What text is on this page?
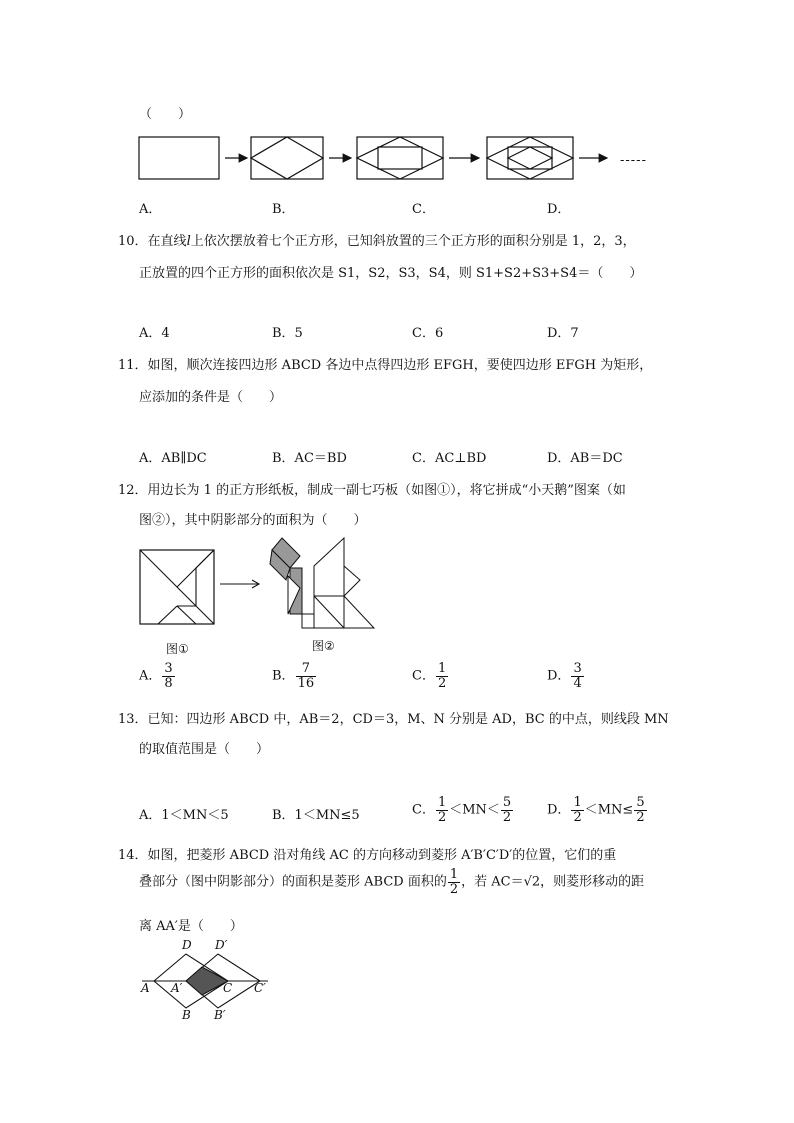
（　　）
-----
A．	B．	C．	D．
10．在直线l上依次摆放着七个正方形，已知斜放置的三个正方形的面积分别是 1，2，3，
正放置的四个正方形的面积依次是 S1，S2，S3，S4，则 S1+S2+S3+S4＝（　　）
A．4	B．5	C．6	D．7
11．如图，顺次连接四边形 ABCD 各边中点得四边形 EFGH，要使四边形 EFGH 为矩形，
应添加的条件是（　　）
A．AB∥DC	B．AC＝BD	C．AC⊥BD	D．AB＝DC
12．用边长为 1 的正方形纸板，制成一副七巧板（如图①），将它拼成“小天鹅”图案（如
图②），其中阴影部分的面积为（　　）
图①	图②
A． $\frac{3}{8}$	B． $\frac{7}{16}$	C． $\frac{1}{2}$	D． $\frac{3}{4}$
13．已知：四边形 ABCD 中，AB＝2，CD＝3，M、N 分别是 AD，BC 的中点，则线段 MN
的取值范围是（　　）
A．1＜MN＜5	B．1＜MN≤5	C． $\frac{1}{2} <MN< \frac{5}{2}$	D． $\frac{1}{2} <MN\le \frac{5}{2}$
14．如图，把菱形 ABCD 沿对角线 AC 的方向移动到菱形 A′B′C′D′的位置，它们的重
叠部分（图中阴影部分）的面积是菱形 ABCD 面积的 $\frac{1}{2}$ ，若 AC＝√2，则菱形移动的距
离 AA′是（　　）
D D′
A A′	C C′
B B′
